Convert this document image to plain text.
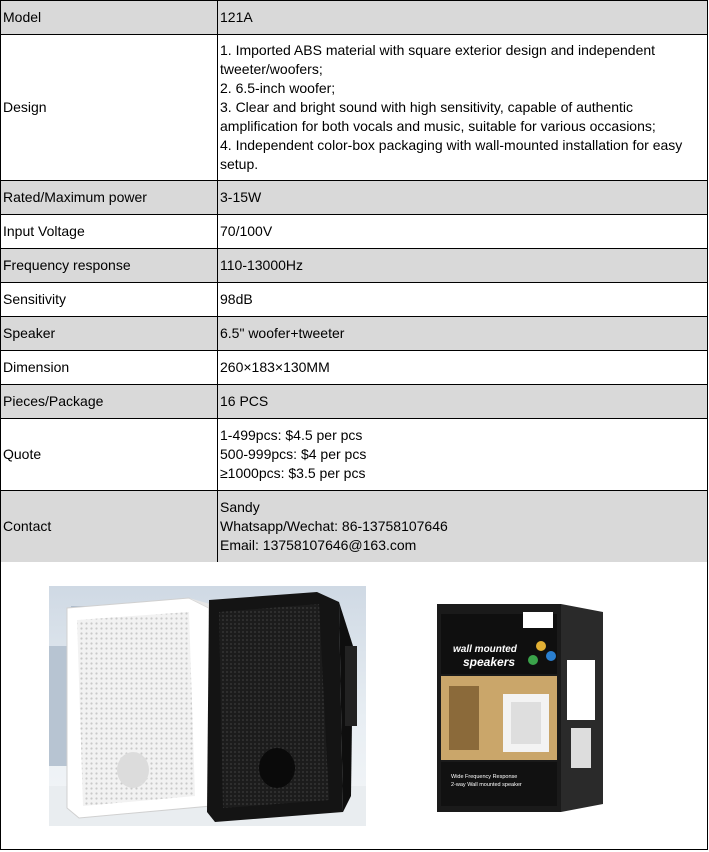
Model	121A
Design	1. Imported ABS material with square exterior design and independent tweeter/woofers;
2. 6.5-inch woofer;
3. Clear and bright sound with high sensitivity, capable of authentic amplification for both vocals and music, suitable for various occasions;
4. Independent color-box packaging with wall-mounted installation for easy setup.
Rated/Maximum power	3-15W
Input Voltage	70/100V
Frequency response	110-13000Hz
Sensitivity	98dB
Speaker	6.5" woofer+tweeter
Dimension	260×183×130MM
Pieces/Package	16 PCS
Quote	1-499pcs: $4.5 per pcs
500-999pcs: $4 per pcs
≥1000pcs: $3.5 per pcs
Contact	Sandy
Whatsapp/Wechat: 86-13758107646
Email: 13758107646@163.com
wall mounted
speakers
Wide Frequency Response
2-way Wall mounted speaker
